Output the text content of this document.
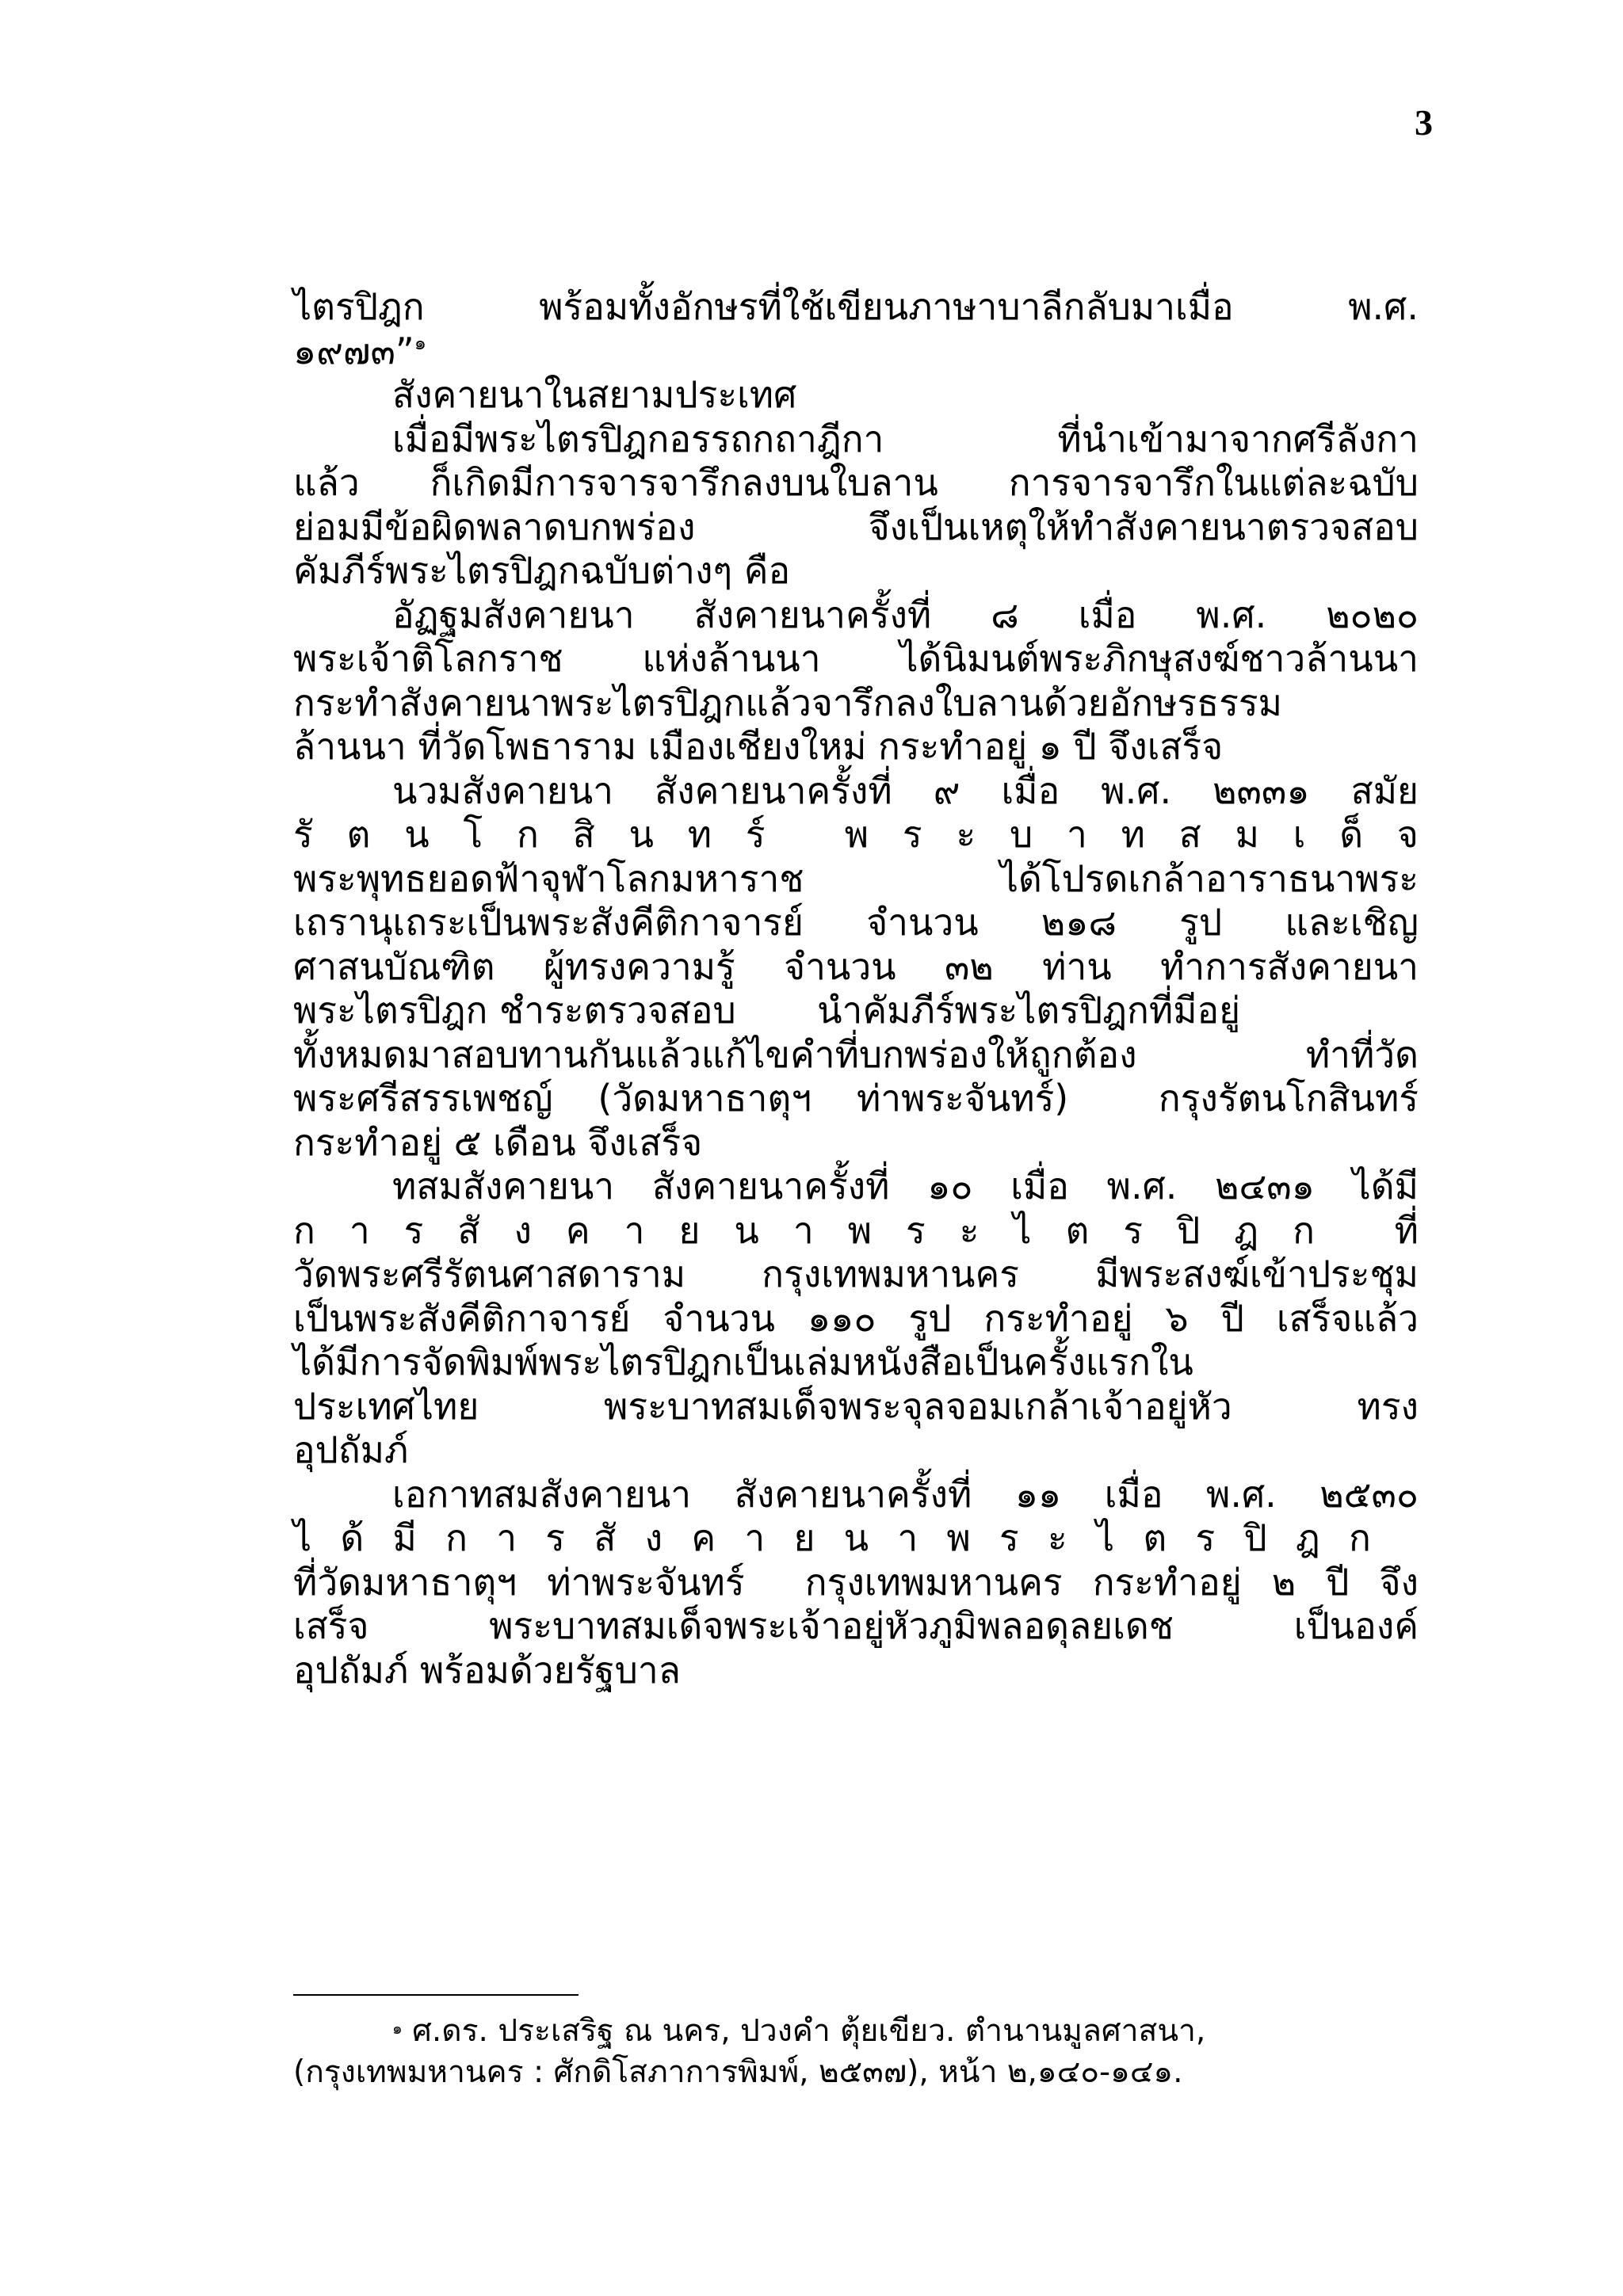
3
ไตรปิฎก พร้อมทั้งอักษรที่ใช้เขียนภาษาบาลีกลับมาเมื่อ พ.ศ.
๑๙๗๓”$^๑$
สังคายนาในสยามประเทศ
เมื่อมีพระไตรปิฎกอรรถกถาฎีกา ที่นำเข้ามาจากศรีลังกา
แล้ว ก็เกิดมีการจารจารึกลงบนใบลาน การจารจารึกในแต่ละฉบับ
ย่อมมีข้อผิดพลาดบกพร่อง จึงเป็นเหตุให้ทำสังคายนาตรวจสอบ
คัมภีร์พระไตรปิฎกฉบับต่างๆ คือ
อัฏฐมสังคายนา สังคายนาครั้งที่ ๘ เมื่อ พ.ศ. ๒๐๒๐
พระเจ้าติโลกราช แห่งล้านนา ได้นิมนต์พระภิกษุสงฆ์ชาวล้านนา
กระทำสังคายนาพระไตรปิฎกแล้วจารึกลงใบลานด้วยอักษรธรรม
ล้านนา ที่วัดโพธาราม เมืองเชียงใหม่ กระทำอยู่ ๑ ปี จึงเสร็จ
นวมสังคายนา สังคายนาครั้งที่ ๙ เมื่อ พ.ศ. ๒๓๓๑ สมัย
รั ต น โ ก สิ น ท ร์
พ ร ะ บ า ท ส ม เ ด็ จ
พระพุทธยอดฟ้าจุฬาโลกมหาราช ได้โปรดเกล้าอาราธนาพระ
เถรานุเถระเป็นพระสังคีติกาจารย์ จำนวน ๒๑๘ รูป และเชิญ
ศาสนบัณฑิต ผู้ทรงความรู้ จำนวน ๓๒ ท่าน ทำการสังคายนา
พระไตรปิฎก ชำระตรวจสอบ       นำคัมภีร์พระไตรปิฎกที่มีอยู่
ทั้งหมดมาสอบทานกันแล้วแก้ไขคำที่บกพร่องให้ถูกต้อง ทำที่วัด
พระศรีสรรเพชญ์ (วัดมหาธาตุฯ ท่าพระจันทร์)  กรุงรัตนโกสินทร์
กระทำอยู่ ๕ เดือน จึงเสร็จ
ทสมสังคายนา สังคายนาครั้งที่ ๑๐ เมื่อ พ.ศ. ๒๔๓๑ ได้มี
ก า ร สั ง ค า ย น า พ ร ะ ไ ต ร ปิ ฎ ก
ที่
วัดพระศรีรัตนศาสดาราม กรุงเทพมหานคร มีพระสงฆ์เข้าประชุม
เป็นพระสังคีติกาจารย์ จำนวน ๑๑๐ รูป กระทำอยู่ ๖ ปี เสร็จแล้ว
ได้มีการจัดพิมพ์พระไตรปิฎกเป็นเล่มหนังสือเป็นครั้งแรกใน
ประเทศไทย พระบาทสมเด็จพระจุลจอมเกล้าเจ้าอยู่หัว ทรง
อุปถัมภ์
เอกาทสมสังคายนา สังคายนาครั้งที่ ๑๑ เมื่อ พ.ศ. ๒๕๓๐
ไ ด้ มี ก า ร สั ง ค า ย น า พ ร ะ ไ ต ร ปิ ฎ ก
ที่วัดมหาธาตุฯ ท่าพระจันทร์  กรุงเทพมหานคร กระทำอยู่ ๒ ปี จึง
เสร็จ พระบาทสมเด็จพระเจ้าอยู่หัวภูมิพลอดุลยเดช เป็นองค์
อุปถัมภ์ พร้อมด้วยรัฐบาล
$^๑$ ศ.ดร. ประเสริฐ ณ นคร, ปวงคำ ตุ้ยเขียว. ตำนานมูลศาสนา,
(กรุงเทพมหานคร : ศักดิโสภาการพิมพ์, ๒๕๓๗), หน้า ๒,๑๔๐-๑๔๑.
